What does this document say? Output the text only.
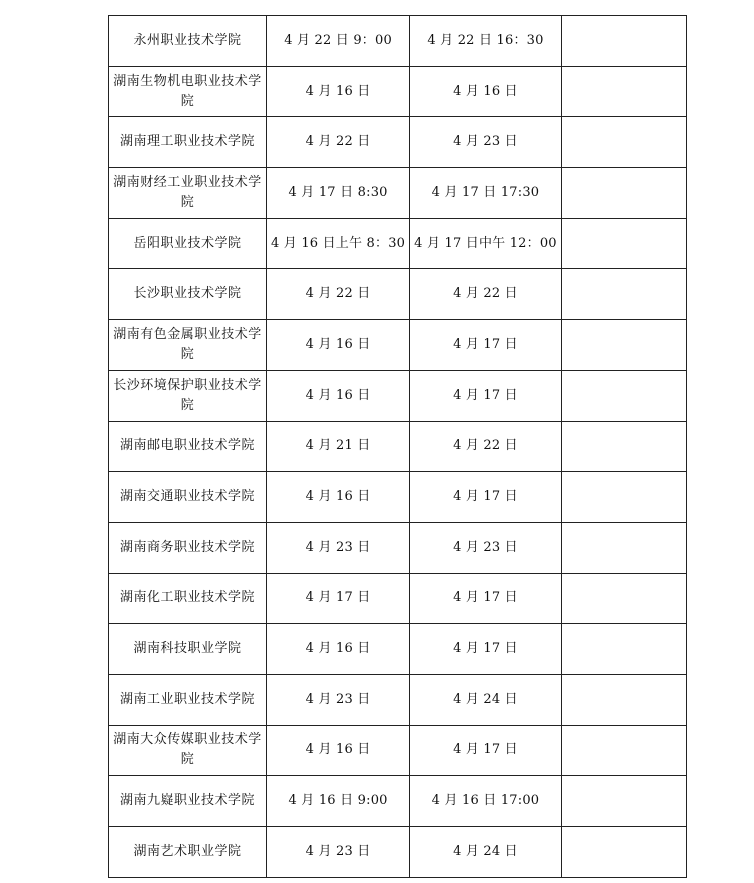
永州职业技术学院	4 月 22 日 9：00	4 月 22 日 16：30	
湖南生物机电职业技术学院	4 月 16 日	4 月 16 日	
湖南理工职业技术学院	4 月 22 日	4 月 23 日	
湖南财经工业职业技术学院	4 月 17 日 8:30	4 月 17 日 17:30	
岳阳职业技术学院	4 月 16 日上午 8：30	4 月 17 日中午 12：00	
长沙职业技术学院	4 月 22 日	4 月 22 日	
湖南有色金属职业技术学院	4 月 16 日	4 月 17 日	
长沙环境保护职业技术学院	4 月 16 日	4 月 17 日	
湖南邮电职业技术学院	4 月 21 日	4 月 22 日	
湖南交通职业技术学院	4 月 16 日	4 月 17 日	
湖南商务职业技术学院	4 月 23 日	4 月 23 日	
湖南化工职业技术学院	4 月 17 日	4 月 17 日	
湖南科技职业学院	4 月 16 日	4 月 17 日	
湖南工业职业技术学院	4 月 23 日	4 月 24 日	
湖南大众传媒职业技术学院	4 月 16 日	4 月 17 日	
湖南九嶷职业技术学院	4 月 16 日 9:00	4 月 16 日 17:00	
湖南艺术职业学院	4 月 23 日	4 月 24 日	
